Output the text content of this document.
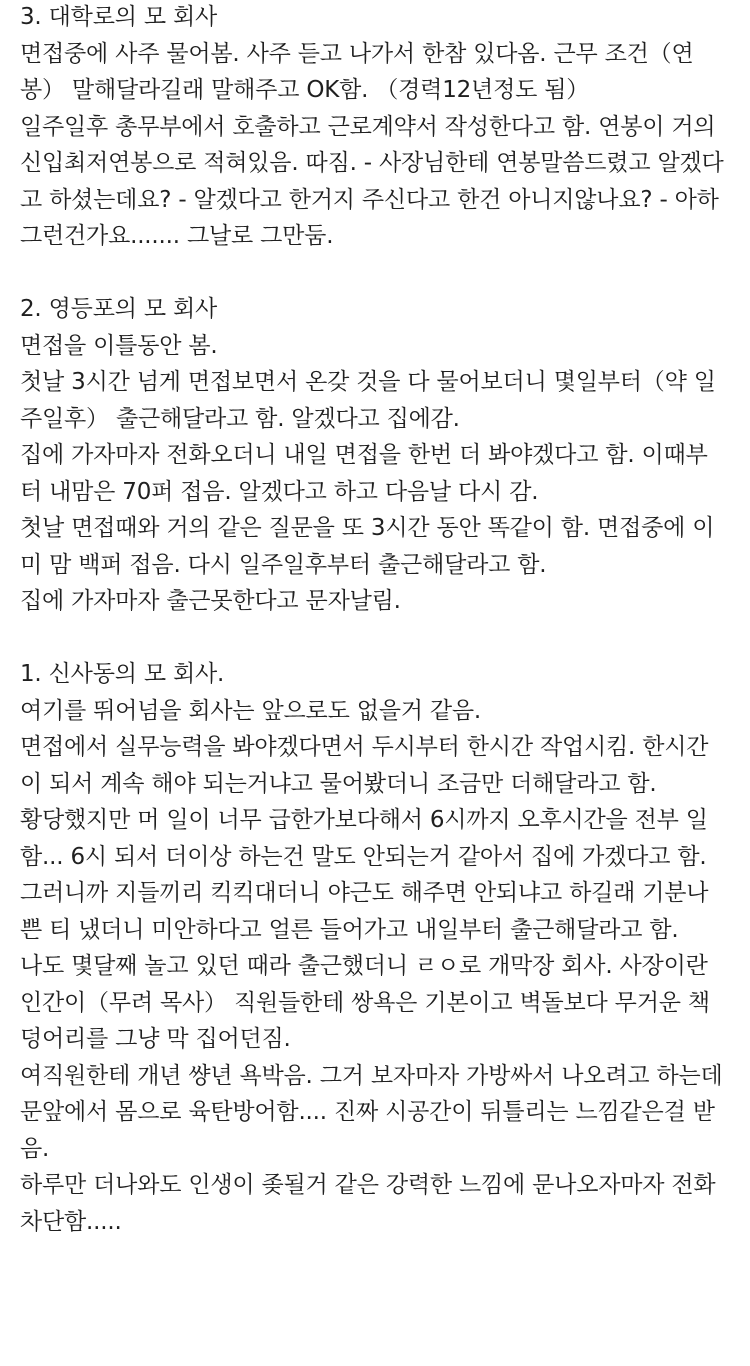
3. 대학로의 모 회사
면접중에 사주 물어봄. 사주 듣고 나가서 한참 있다옴. 근무 조건（연
봉） 말해달라길래 말해주고 OK함. （경력12년정도 됨）
일주일후 총무부에서 호출하고 근로계약서 작성한다고 함. 연봉이 거의
신입최저연봉으로 적혀있음. 따짐. - 사장님한테 연봉말씀드렸고 알겠다
고 하셨는데요? - 알겠다고 한거지 주신다고 한건 아니지않나요? - 아하
그런건가요....... 그날로 그만둠.
2. 영등포의 모 회사
면접을 이틀동안 봄.
첫날 3시간 넘게 면접보면서 온갖 것을 다 물어보더니 몇일부터（약 일
주일후） 출근해달라고 함. 알겠다고 집에감.
집에 가자마자 전화오더니 내일 면접을 한번 더 봐야겠다고 함. 이때부
터 내맘은 70퍼 접음. 알겠다고 하고 다음날 다시 감.
첫날 면접때와 거의 같은 질문을 또 3시간 동안 똑같이 함. 면접중에 이
미 맘 백퍼 접음. 다시 일주일후부터 출근해달라고 함.
집에 가자마자 출근못한다고 문자날림.
1. 신사동의 모 회사.
여기를 뛰어넘을 회사는 앞으로도 없을거 같음.
면접에서 실무능력을 봐야겠다면서 두시부터 한시간 작업시킴. 한시간
이 되서 계속 해야 되는거냐고 물어봤더니 조금만 더해달라고 함.
황당했지만 머 일이 너무 급한가보다해서 6시까지 오후시간을 전부 일
함... 6시 되서 더이상 하는건 말도 안되는거 같아서 집에 가겠다고 함.
그러니까 지들끼리 킥킥대더니 야근도 해주면 안되냐고 하길래 기분나
쁜 티 냈더니 미안하다고 얼른 들어가고 내일부터 출근해달라고 함.
나도 몇달째 놀고 있던 때라 출근했더니 ㄹㅇ로 개막장 회사. 사장이란
인간이（무려 목사） 직원들한테 쌍욕은 기본이고 벽돌보다 무거운 책
덩어리를 그냥 막 집어던짐.
여직원한테 개년 썅년 욕박음. 그거 보자마자 가방싸서 나오려고 하는데
문앞에서 몸으로 육탄방어함.... 진짜 시공간이 뒤틀리는 느낌같은걸 받
음.
하루만 더나와도 인생이 좆될거 같은 강력한 느낌에 문나오자마자 전화
차단함.....
